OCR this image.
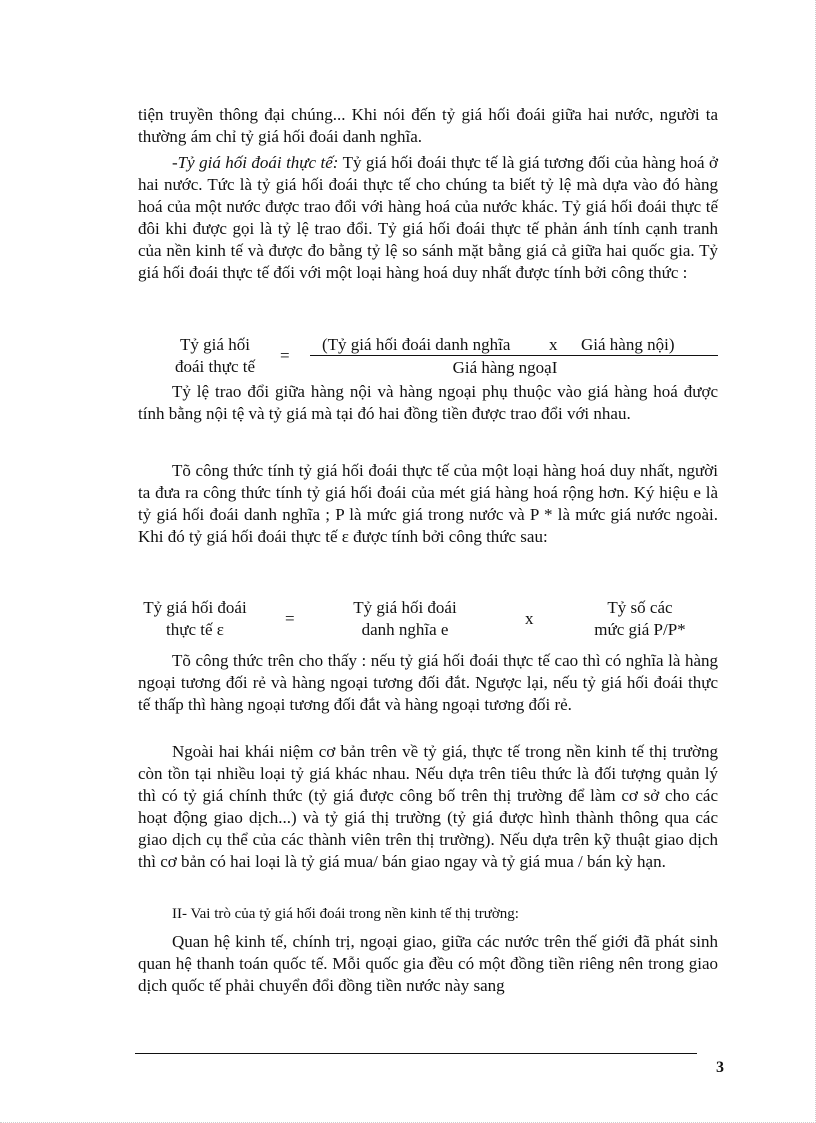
tiện truyền thông đại chúng... Khi nói đến tỷ giá hối đoái giữa hai nước, người ta thường ám chỉ tỷ giá hối đoái danh nghĩa.

-Tỷ giá hối đoái thực tế: Tỷ giá hối đoái thực tế là giá tương đối của hàng hoá ở hai nước. Tức là tỷ giá hối đoái thực tế cho chúng ta biết tỷ lệ mà dựa vào đó hàng hoá của một nước được trao đổi với hàng hoá của nước khác. Tỷ giá hối đoái thực tế đôi khi được gọi là tỷ lệ trao đổi. Tỷ giá hối đoái thực tế phản ánh tính cạnh tranh của nền kinh tế và được đo bằng tỷ lệ so sánh mặt bằng giá cả giữa hai quốc gia. Tỷ giá hối đoái thực tế đối với một loại hàng hoá duy nhất được tính bởi công thức :

Tỷ giá hối
đoái thực tế
=
(Tỷ giá hối đoái danh nghĩa x Giá hàng nội)
Giá hàng ngoạI

Tỷ lệ trao đổi giữa hàng nội và hàng ngoại phụ thuộc vào giá hàng hoá được tính bằng nội tệ và tỷ giá mà tại đó hai đồng tiền được trao đổi với nhau.

Tõ công thức tính tỷ giá hối đoái thực tế của một loại hàng hoá duy nhất, người ta đưa ra công thức tính tỷ giá hối đoái của mét giá hàng hoá rộng hơn. Ký hiệu e là tỷ giá hối đoái danh nghĩa ; P là mức giá trong nước và P * là mức giá nước ngoài. Khi đó tỷ giá hối đoái thực tế ε được tính bởi công thức sau:

Tỷ giá hối đoái
thực tế ε
=
Tỷ giá hối đoái
danh nghĩa e
x
Tỷ số các
mức giá P/P*

Tõ công thức trên cho thấy : nếu tỷ giá hối đoái thực tế cao thì có nghĩa là hàng ngoại tương đối rẻ và hàng ngoại tương đối đắt. Ngược lại, nếu tỷ giá hối đoái thực tế thấp thì hàng ngoại tương đối đắt và hàng ngoại tương đối rẻ.

Ngoài hai khái niệm cơ bản trên về tỷ giá, thực tế trong nền kinh tế thị trường còn tồn tại nhiều loại tỷ giá khác nhau. Nếu dựa trên tiêu thức là đối tượng quản lý thì có tỷ giá chính thức (tỷ giá được công bố trên thị trường để làm cơ sở cho các hoạt động giao dịch...) và tỷ giá thị trường (tỷ giá được hình thành thông qua các giao dịch cụ thể của các thành viên trên thị trường). Nếu dựa trên kỹ thuật giao dịch thì cơ bản có hai loại là tỷ giá mua/ bán giao ngay và tỷ giá mua / bán kỳ hạn.

II- Vai trò của tỷ giá hối đoái trong nền kinh tế thị trường:

Quan hệ kinh tế, chính trị, ngoại giao, giữa các nước trên thế giới đã phát sinh quan hệ thanh toán quốc tế. Mỗi quốc gia đều có một đồng tiền riêng nên trong giao dịch quốc tế phải chuyển đổi đồng tiền nước này sang

3
